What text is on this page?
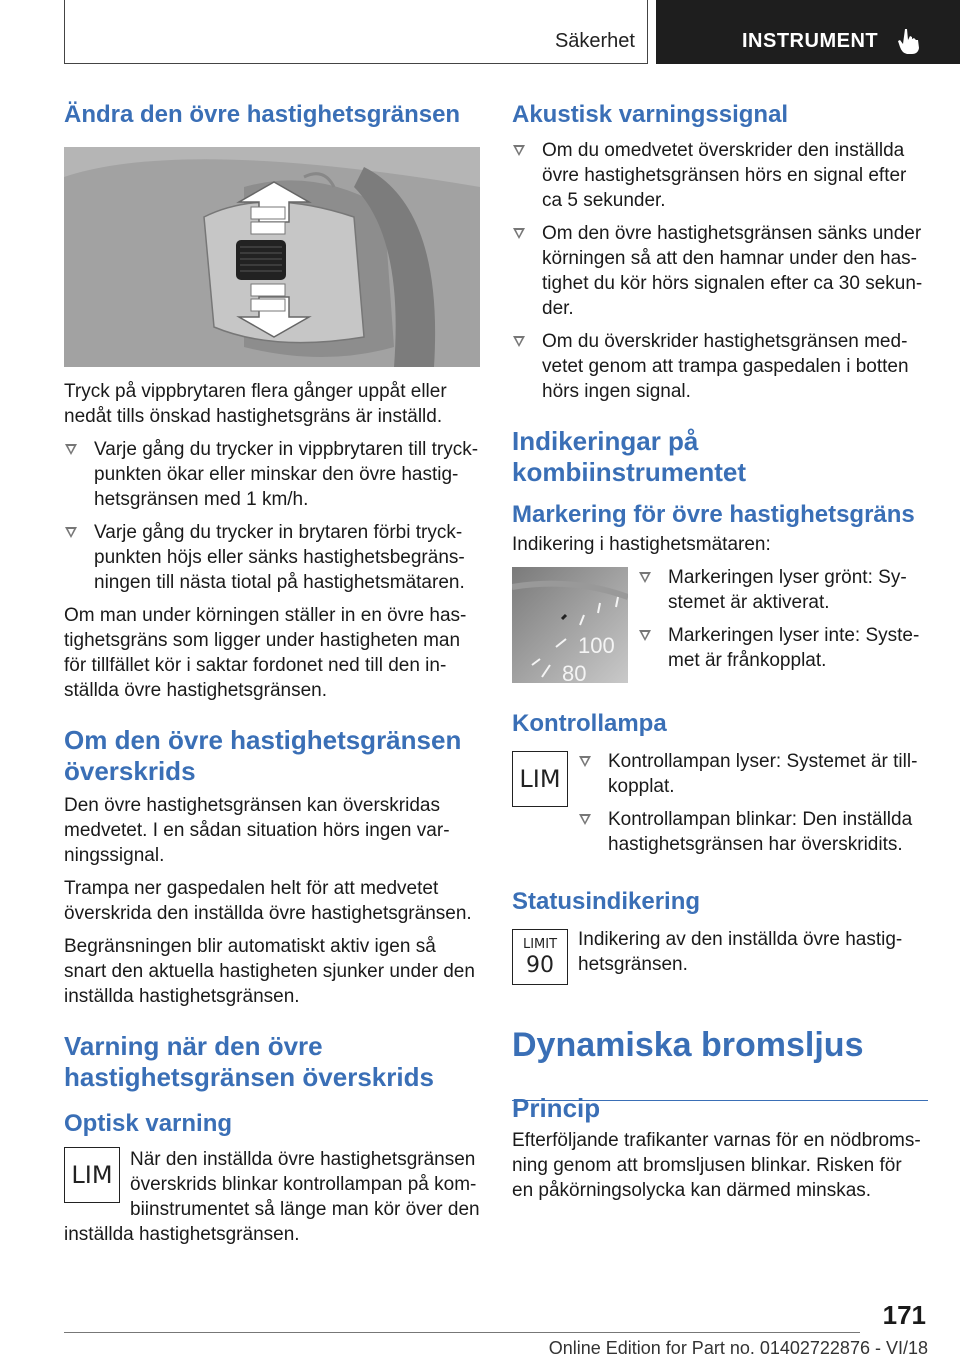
Säkerhet	INSTRUMENT
Ändra den övre hastighetsgränsen

Tryck på vippbrytaren flera gånger uppåt eller nedåt tills önskad hastighetsgräns är inställd.

Varje gång du trycker in vippbrytaren till tryckpunkten ökar eller minskar den övre hastighetsgränsen med 1 km/h.
Varje gång du trycker in brytaren förbi tryckpunkten höjs eller sänks hastighetsbegränsningen till nästa tiotal på hastighetsmätaren.

Om man under körningen ställer in en övre hastighetsgräns som ligger under hastigheten man för tillfället kör i saktar fordonet ned till den inställda övre hastighetsgränsen.

Om den övre hastighetsgränsen överskrids

Den övre hastighetsgränsen kan överskridas medvetet. I en sådan situation hörs ingen varningssignal.

Trampa ner gaspedalen helt för att medvetet överskrida den inställda övre hastighetsgränsen.

Begränsningen blir automatiskt aktiv igen så snart den aktuella hastigheten sjunker under den inställda hastighetsgränsen.

Varning när den övre hastighetsgränsen överskrids
Optisk varning
LIM

När den inställda övre hastighetsgränsen överskrids blinkar kontrollampan på kombiinstrumentet så länge man kör över den inställda hastighetsgränsen.

Akustisk varningssignal
Om du omedvetet överskrider den inställda övre hastighetsgränsen hörs en signal efter ca 5 sekunder.
Om den övre hastighetsgränsen sänks under körningen så att den hamnar under den hastighet du kör hörs signalen efter ca 30 sekunder.
Om du överskrider hastighetsgränsen medvetet genom att trampa gaspedalen i botten hörs ingen signal.
Indikeringar på kombiinstrumentet
Markering för övre hastighetsgräns

Indikering i hastighetsmätaren:

100
80
Markeringen lyser grönt: Systemet är aktiverat.
Markeringen lyser inte: Systemet är frånkopplat.
Kontrollampa
LIM
Kontrollampan lyser: Systemet är tillkopplat.
Kontrollampan blinkar: Den inställda hastighetsgränsen har överskridits.
Statusindikering
LIMIT
90

Indikering av den inställda övre hastighetsgränsen.

Dynamiska bromsljus
Princip

Efterföljande trafikanter varnas för en nödbromsning genom att bromsljusen blinkar. Risken för en påkörningsolycka kan därmed minskas.

171
Online Edition for Part no. 01402722876 - VI/18
